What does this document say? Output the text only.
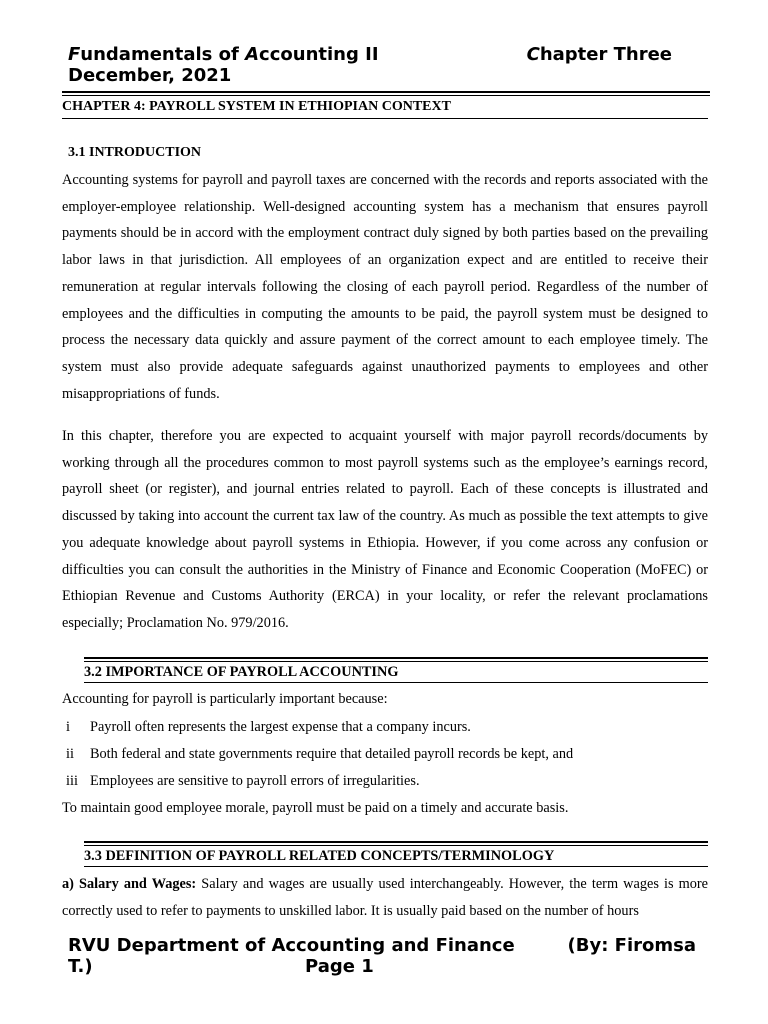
Fundamentals of Accounting II	Chapter Three
December, 2021
CHAPTER 4: PAYROLL SYSTEM IN ETHIOPIAN CONTEXT
3.1 INTRODUCTION
Accounting systems for payroll and payroll taxes are concerned with the records and reports associated with the employer-employee relationship. Well-designed accounting system has a mechanism that ensures payroll payments should be in accord with the employment contract duly signed by both parties based on the prevailing labor laws in that jurisdiction. All employees of an organization expect and are entitled to receive their remuneration at regular intervals following the closing of each payroll period. Regardless of the number of employees and the difficulties in computing the amounts to be paid, the payroll system must be designed to process the necessary data quickly and assure payment of the correct amount to each employee timely. The system must also provide adequate safeguards against unauthorized payments to employees and other misappropriations of funds.
In this chapter, therefore you are expected to acquaint yourself with major payroll records/documents by working through all the procedures common to most payroll systems such as the employee’s earnings record, payroll sheet (or register), and journal entries related to payroll. Each of these concepts is illustrated and discussed by taking into account the current tax law of the country. As much as possible the text attempts to give you adequate knowledge about payroll systems in Ethiopia. However, if you come across any confusion or difficulties you can consult the authorities in the Ministry of Finance and Economic Cooperation (MoFEC) or Ethiopian Revenue and Customs Authority (ERCA) in your locality, or refer the relevant proclamations especially; Proclamation No. 979/2016.
3.2 IMPORTANCE OF PAYROLL ACCOUNTING
Accounting for payroll is particularly important because:
i	Payroll often represents the largest expense that a company incurs.
ii	Both federal and state governments require that detailed payroll records be kept, and
iii Employees are sensitive to payroll errors of irregularities.
To maintain good employee morale, payroll must be paid on a timely and accurate basis.
3.3 DEFINITION OF PAYROLL RELATED CONCEPTS/TERMINOLOGY
a) Salary and Wages: Salary and wages are usually used interchangeably. However, the term wages is more correctly used to refer to payments to unskilled labor. It is usually paid based on the number of hours
RVU Department of Accounting and Finance	(By: Firomsa
T.)	Page 1
